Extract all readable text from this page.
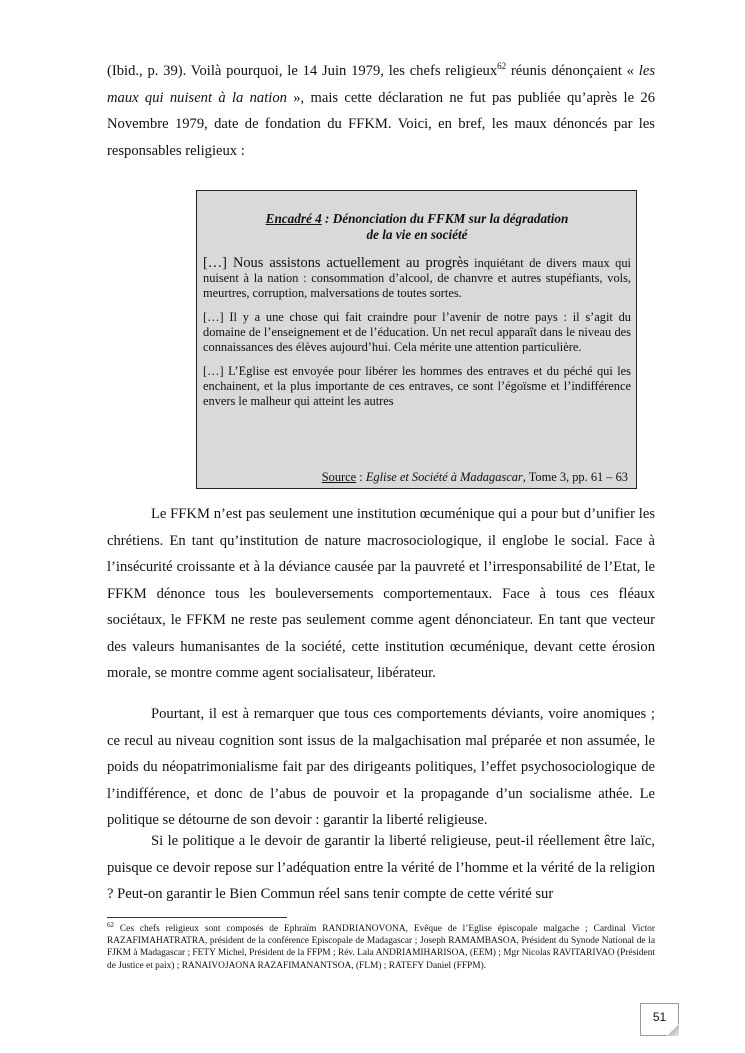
(Ibid., p. 39). Voilà pourquoi, le 14 Juin 1979, les chefs religieux$^{62}$ réunis dénonçaient « les maux qui nuisent à la nation », mais cette déclaration ne fut pas publiée qu’après le 26 Novembre 1979, date de fondation du FFKM. Voici, en bref, les maux dénoncés par les responsables religieux :
Encadré 4 : Dénonciation du FFKM sur la dégradation
de la vie en société

[…] Nous assistons actuellement au progrès inquiétant de divers maux qui nuisent à la nation : consommation d’alcool, de chanvre et autres stupéfiants, vols, meurtres, corruption, malversations de toutes sortes.

[…] Il y a une chose qui fait craindre pour l’avenir de notre pays : il s’agit du domaine de l’enseignement et de l’éducation. Un net recul apparaît dans le niveau des connaissances des élèves aujourd’hui. Cela mérite une attention particulière.

[…] L’Eglise est envoyée pour libérer les hommes des entraves et du péché qui les enchainent, et la plus importante de ces entraves, ce sont l’égoïsme et l’indifférence envers le malheur qui atteint les autres

Source : Eglise et Société à Madagascar, Tome 3, pp. 61 – 63
Le FFKM n’est pas seulement une institution œcuménique qui a pour but d’unifier les chrétiens. En tant qu’institution de nature macrosociologique, il englobe le social. Face à l’insécurité croissante et à la déviance causée par la pauvreté et l’irresponsabilité de l’Etat, le FFKM dénonce tous les bouleversements comportementaux. Face à tous ces fléaux sociétaux, le FFKM ne reste pas seulement comme agent dénonciateur. En tant que vecteur des valeurs humanisantes de la société, cette institution œcuménique, devant cette érosion morale, se montre comme agent socialisateur, libérateur.
Pourtant, il est à remarquer que tous ces comportements déviants, voire anomiques ; ce recul au niveau cognition sont issus de la malgachisation mal préparée et non assumée, le poids du néopatrimonialisme fait par des dirigeants politiques, l’effet psychosociologique de l’indifférence, et donc de l’abus de pouvoir et la propagande d’un socialisme athée. Le politique se détourne de son devoir : garantir la liberté religieuse.
Si le politique a le devoir de garantir la liberté religieuse, peut-il réellement être laïc, puisque ce devoir repose sur l’adéquation entre la vérité de l’homme et la vérité de la religion ? Peut-on garantir le Bien Commun réel sans tenir compte de cette vérité sur
$^{62}$ Ces chefs religieux sont composés de Ephraïm RANDRIANOVONA, Evêque de l’Eglise épiscopale malgache ; Cardinal Victor RAZAFIMAHATRATRA, président de la conférence Episcopale de Madagascar ; Joseph RAMAMBASOA, Président du Synode National de la FJKM à Madagascar ; FETY Michel, Président de la FFPM ; Rév. Lala ANDRIAMIHARISOA, (EEM) ; Mgr Nicolas RAVITARIVAO (Président de Justice et paix) ; RANAIVOJAONA RAZAFIMANANTSOA, (FLM) ; RATEFY Daniel (FFPM).
51
